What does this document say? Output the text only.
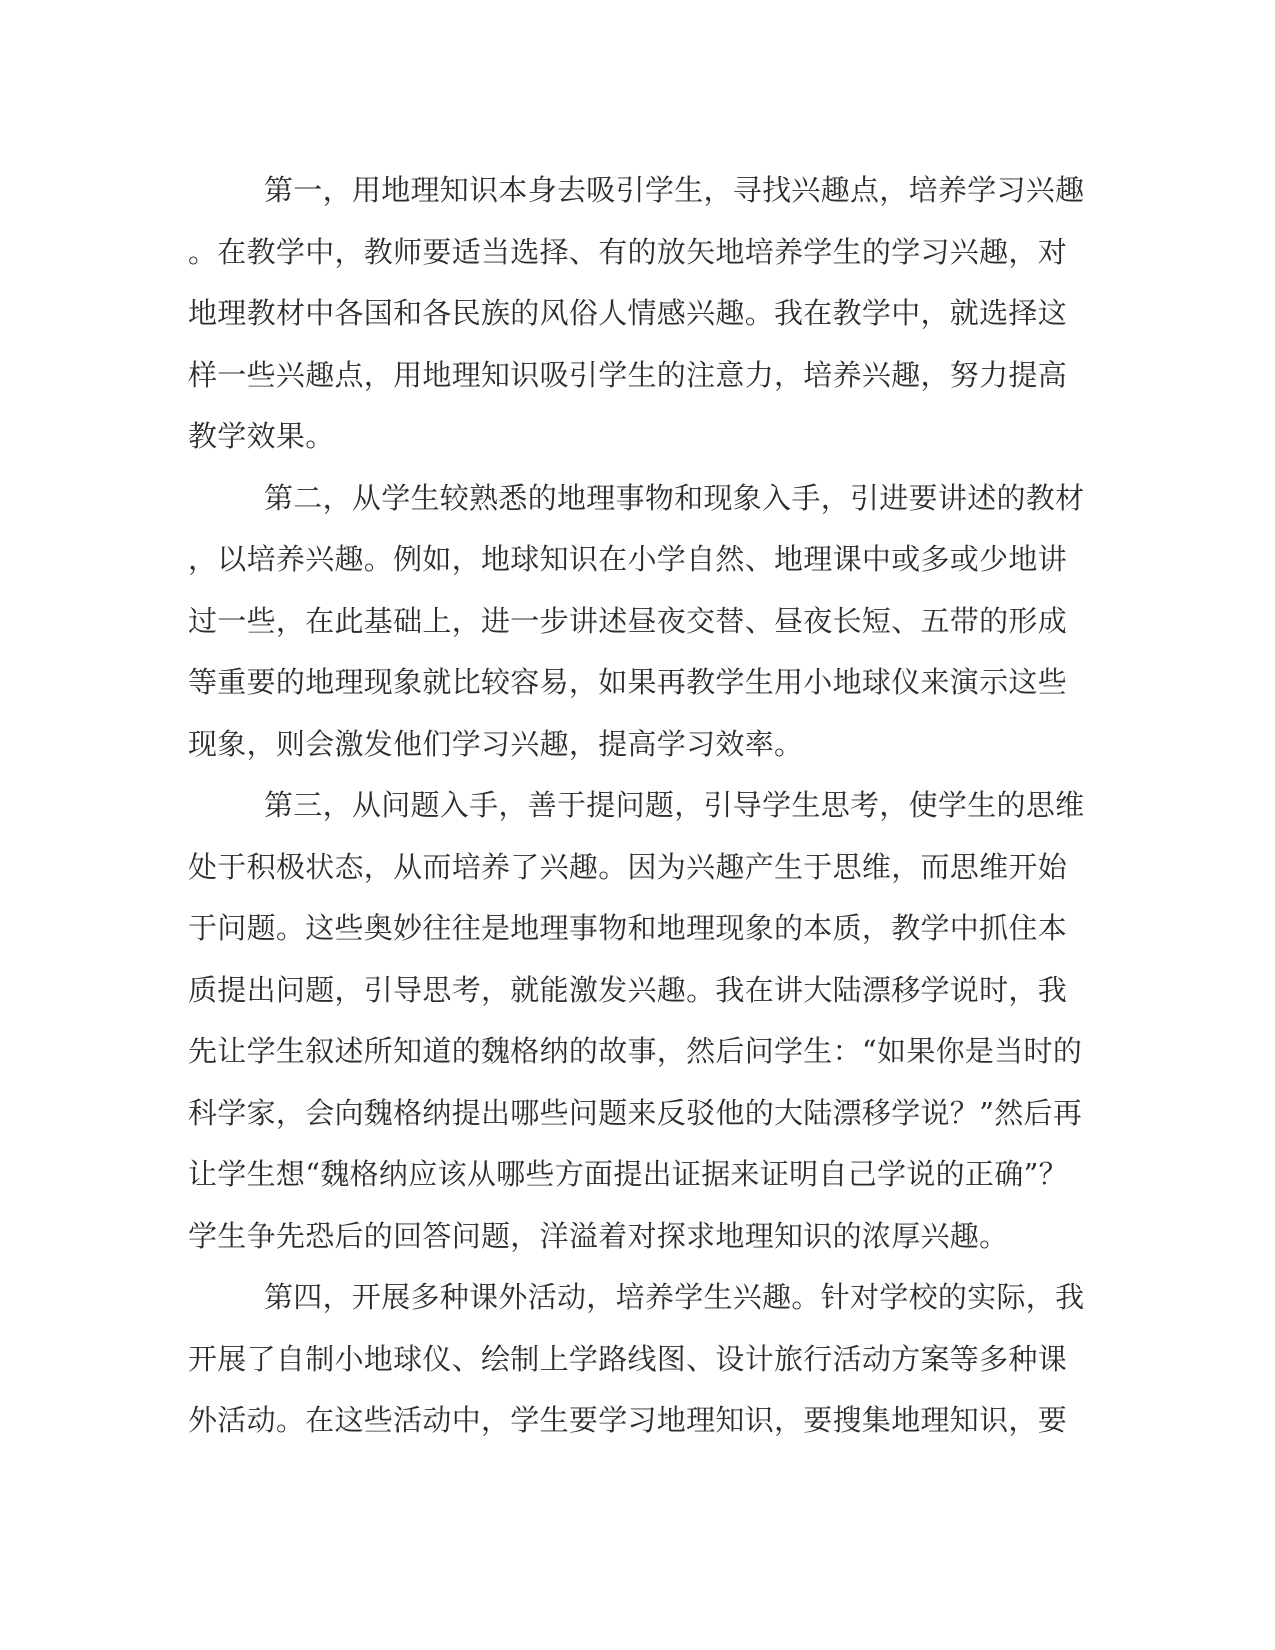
第一，用地理知识本身去吸引学生，寻找兴趣点，培养学习兴趣
。在教学中，教师要适当选择、有的放矢地培养学生的学习兴趣，对
地理教材中各国和各民族的风俗人情感兴趣。我在教学中，就选择这
样一些兴趣点，用地理知识吸引学生的注意力，培养兴趣，努力提高
教学效果。
第二，从学生较熟悉的地理事物和现象入手，引进要讲述的教材
，以培养兴趣。例如，地球知识在小学自然、地理课中或多或少地讲
过一些，在此基础上，进一步讲述昼夜交替、昼夜长短、五带的形成
等重要的地理现象就比较容易，如果再教学生用小地球仪来演示这些
现象，则会激发他们学习兴趣，提高学习效率。
第三，从问题入手，善于提问题，引导学生思考，使学生的思维
处于积极状态，从而培养了兴趣。因为兴趣产生于思维，而思维开始
于问题。这些奥妙往往是地理事物和地理现象的本质，教学中抓住本
质提出问题，引导思考，就能激发兴趣。我在讲大陆漂移学说时，我
先让学生叙述所知道的魏格纳的故事，然后问学生：“如果你是当时的
科学家，会向魏格纳提出哪些问题来反驳他的大陆漂移学说？”然后再
让学生想“魏格纳应该从哪些方面提出证据来证明自己学说的正确”？
学生争先恐后的回答问题，洋溢着对探求地理知识的浓厚兴趣。
第四，开展多种课外活动，培养学生兴趣。针对学校的实际，我
开展了自制小地球仪、绘制上学路线图、设计旅行活动方案等多种课
外活动。在这些活动中，学生要学习地理知识，要搜集地理知识，要
